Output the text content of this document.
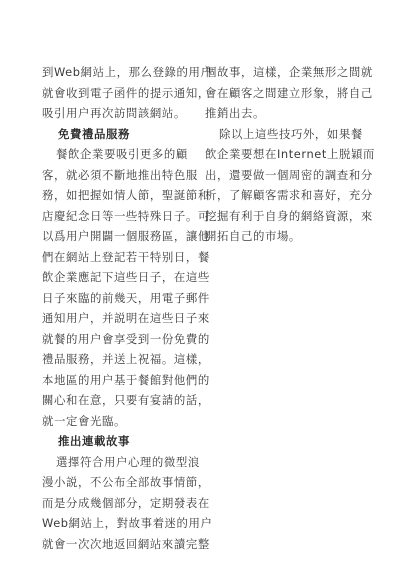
到Web網站上，那么登錄的用户
就會收到電子函件的提示通知，
吸引用户再次訪問該網站。
免費禮品服務
餐飲企業要吸引更多的顧
客，就必須不斷地推出特色服
務，如把握如情人節，聖誕節和
店慶紀念日等一些特殊日子。可
以爲用户開闢一個服務區，讓他
們在網站上登記若干特别日，餐
飲企業應記下這些日子，在這些
日子來臨的前幾天，用電子郵件
通知用户，并説明在這些日子來
就餐的用户會享受到一份免費的
禮品服務，并送上祝福。這樣，
本地區的用户基于餐館對他們的
關心和在意，只要有宴請的話，
就一定會光臨。
推出連載故事
選擇符合用户心理的微型浪
漫小説，不公布全部故事情節，
而是分成幾個部分，定期發表在
Web網站上，對故事着迷的用户
就會一次次地返回網站來讀完整
個故事，這樣，企業無形之間就
會在顧客之間建立形象，將自己
推銷出去。
除以上這些技巧外，如果餐
飲企業要想在Internet上脱穎而
出，還要做一個周密的調查和分
析，了解顧客需求和喜好，充分
挖掘有利于自身的網絡資源，來
開拓自己的市場。
